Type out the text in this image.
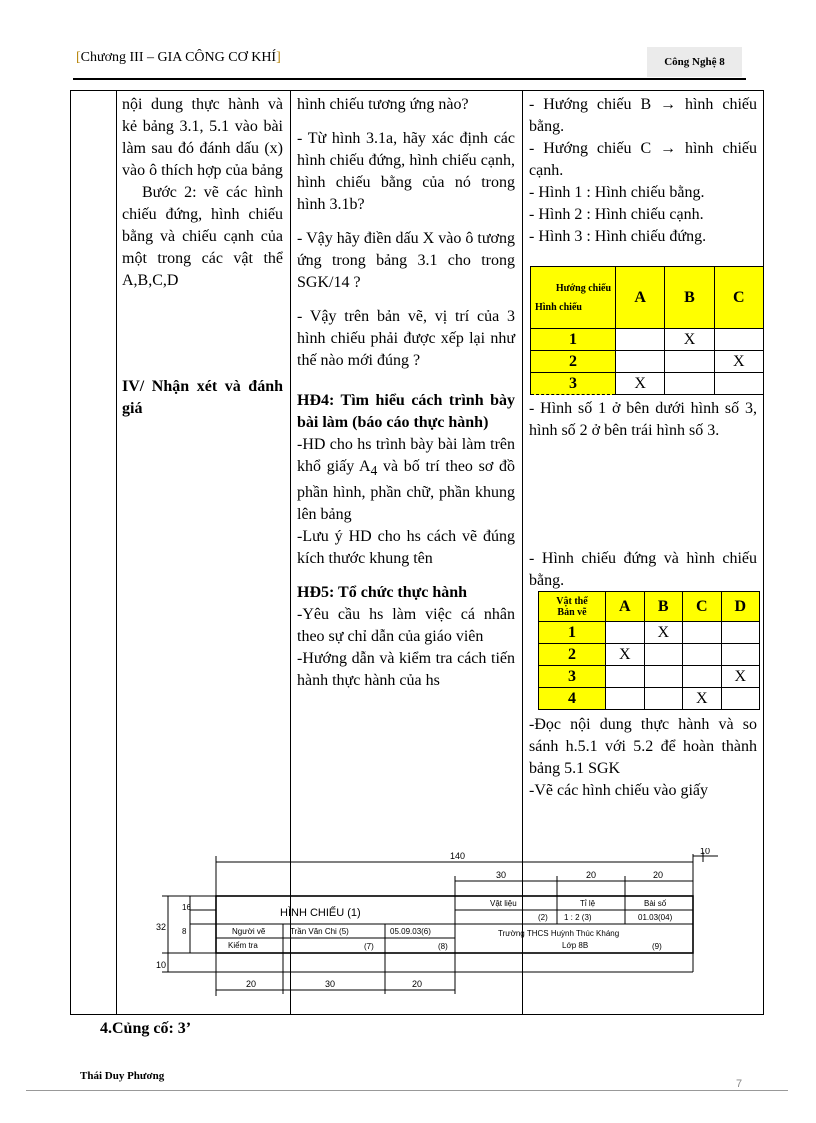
[Chương III – GIA CÔNG CƠ KHÍ]	Công Nghệ 8

nội dung thực hành và kẻ bảng 3.1, 5.1 vào bài làm sau đó đánh dấu (x) vào ô thích hợp của bảng

Bước 2: vẽ các hình chiếu đứng, hình chiếu bằng và chiếu cạnh của một trong các vật thể A,B,C,D

IV/ Nhận xét và đánh giá

hình chiếu tương ứng nào?

- Từ hình 3.1a, hãy xác định các hình chiếu đứng, hình chiếu cạnh, hình chiếu bằng của nó trong hình 3.1b?

- Vậy hãy điền dấu X vào ô tương ứng trong bảng 3.1 cho trong SGK/14 ?

- Vậy trên bản vẽ, vị trí của 3 hình chiếu phải được xếp lại như thế nào mới đúng ?

HĐ4: Tìm hiểu cách trình bày bài làm (báo cáo thực hành)

-HD cho hs trình bày bài làm trên khổ giấy $A_4$ và bố trí theo sơ đồ phần hình, phần chữ, phần khung lên bảng

-Lưu ý HD cho hs cách vẽ đúng kích thước khung tên

HĐ5: Tổ chức thực hành

-Yêu cầu hs làm việc cá nhân theo sự chỉ dẫn của giáo viên

-Hướng dẫn và kiểm tra cách tiến hành thực hành của hs

- Hướng chiếu B → hình chiếu bằng.

- Hướng chiếu C → hình chiếu cạnh.

- Hình 1 : Hình chiếu bằng.

- Hình 2 : Hình chiếu cạnh.

- Hình 3 : Hình chiếu đứng.

Hướng chiếu
Hình chiếu	A	B	C
1		X	
2			X
3	X		

- Hình số 1 ở bên dưới hình số 3, hình số 2 ở bên trái hình số 3.

- Hình chiếu đứng và hình chiếu bằng.

Vật thể
Bản vẽ	A	B	C	D
1		X		
2	X			
3				X
4			X	

-Đọc nội dung thực hành và so sánh h.5.1 với 5.2 để hoàn thành bảng 5.1 SGK

-Vẽ các hình chiếu vào giấy

140	10
30	20	20
32
16
8
10
20	30	20
HÌNH CHIẾU (1)
Vật liệu	Tỉ lệ	Bài số
(2) 1 : 2 (3)	01.03(04)
Người vẽ	Trần Văn Chi (5)	05.09.03(6)
Kiểm tra	(7)	(8)
Trường THCS Huỳnh Thúc Kháng
Lớp 8B	(9)
4.Củng cố: 3’
Thái Duy Phương
7
